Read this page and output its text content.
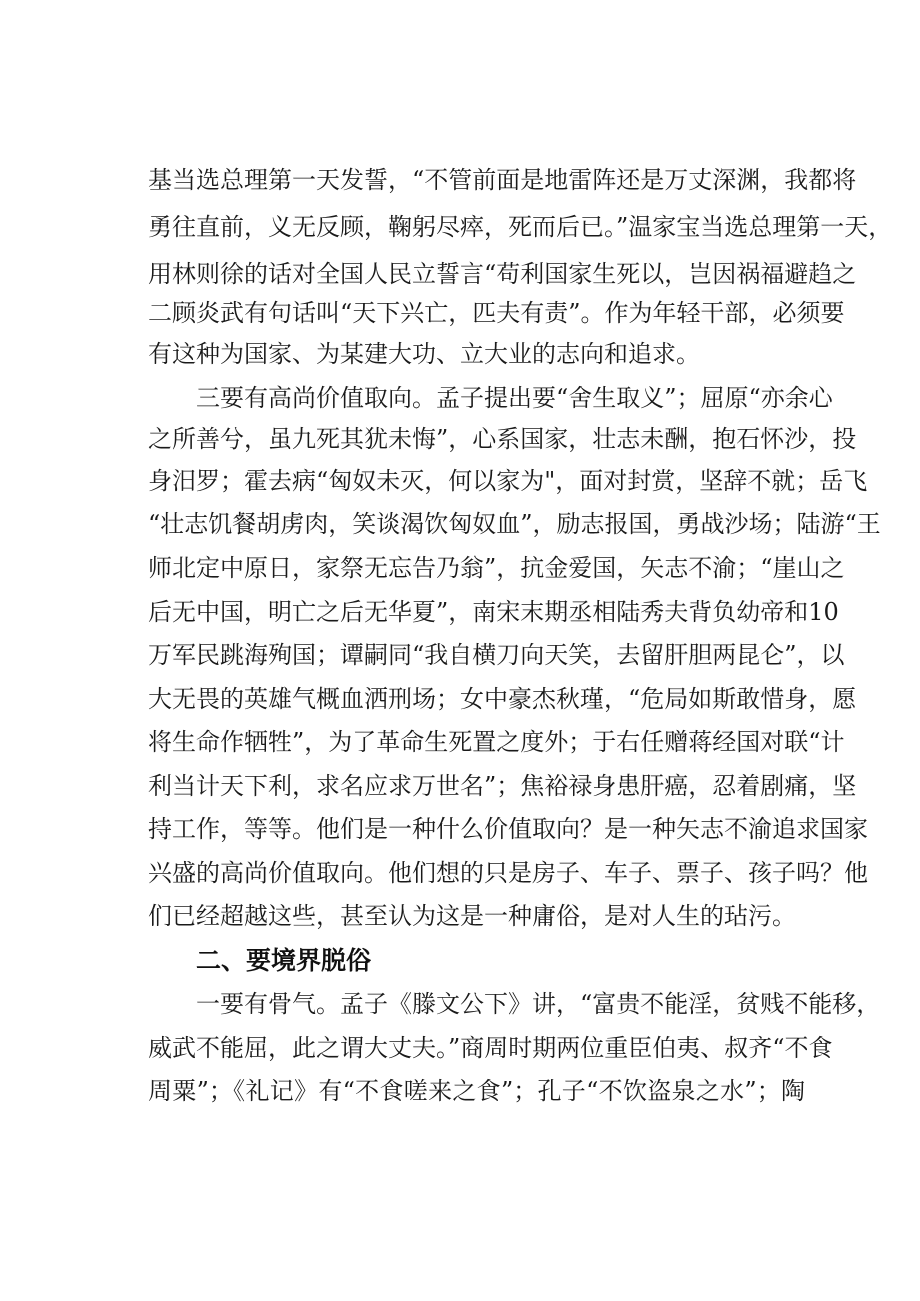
基当选总理第一天发誓，“不管前面是地雷阵还是万丈深渊，我都将
勇往直前，义无反顾，鞠躬尽瘁，死而后已。”温家宝当选总理第一天，
用林则徐的话对全国人民立誓言“苟利国家生死以，岂因祸福避趋之
二顾炎武有句话叫“天下兴亡，匹夫有责”。作为年轻干部，必须要
有这种为国家、为某建大功、立大业的志向和追求。
三要有高尚价值取向。孟子提出要“舍生取义”；屈原“亦余心
之所善兮，虽九死其犹未悔”，心系国家，壮志未酬，抱石怀沙，投
身汨罗；霍去病“匈奴未灭，何以家为"，面对封赏，坚辞不就；岳飞
“壮志饥餐胡虏肉，笑谈渴饮匈奴血”，励志报国，勇战沙场；陆游“王
师北定中原日，家祭无忘告乃翁”，抗金爱国，矢志不渝；“崖山之
后无中国，明亡之后无华夏”，南宋末期丞相陆秀夫背负幼帝和10
万军民跳海殉国；谭嗣同“我自横刀向天笑，去留肝胆两昆仑”，以
大无畏的英雄气概血洒刑场；女中豪杰秋瑾，“危局如斯敢惜身，愿
将生命作牺牲”，为了革命生死置之度外；于右任赠蒋经国对联“计
利当计天下利，求名应求万世名”；焦裕禄身患肝癌，忍着剧痛，坚
持工作，等等。他们是一种什么价值取向？是一种矢志不渝追求国家
兴盛的高尚价值取向。他们想的只是房子、车子、票子、孩子吗？他
们已经超越这些，甚至认为这是一种庸俗，是对人生的玷污。
一要有骨气。孟子《滕文公下》讲，“富贵不能淫，贫贱不能移，
威武不能屈，此之谓大丈夫。”商周时期两位重臣伯夷、叔齐“不食
周粟”；《礼记》有“不食嗟来之食”；孔子“不饮盗泉之水”；陶
二、要境界脱俗
